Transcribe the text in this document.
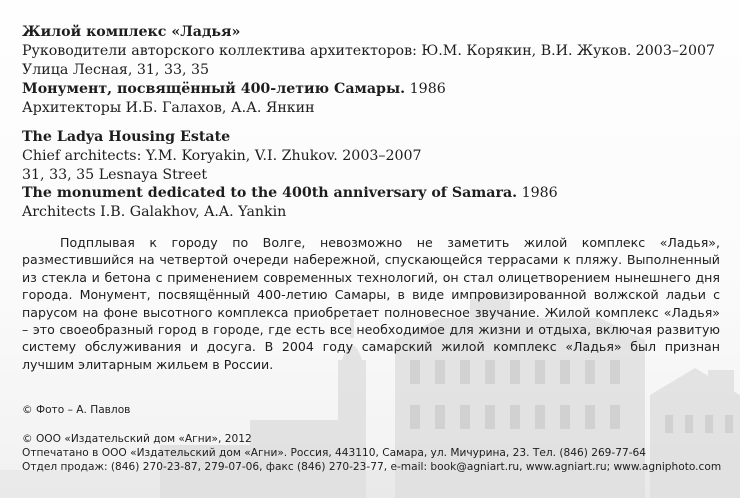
Жилой комплекс «Ладья»
Руководители авторского коллектива архитекторов: Ю.М. Корякин, В.И. Жуков. 2003–2007
Улица Лесная, 31, 33, 35
Монумент, посвящённый 400-летию Самары. 1986
Архитекторы И.Б. Галахов, А.А. Янкин
The Ladya Housing Estate
Chief architects: Y.M. Koryakin, V.I. Zhukov. 2003–2007
31, 33, 35 Lesnaya Street
The monument dedicated to the 400th anniversary of Samara. 1986
Architects I.B. Galakhov, A.A. Yankin

Подплывая к городу по Волге, невозможно не заметить жилой комплекс «Ладья», разместившийся на четвертой очереди набережной, спускающейся террасами к пляжу. Выполненный из стекла и бетона с применением современных технологий, он стал олицетворением нынешнего дня города. Монумент, посвящённый 400-летию Самары, в виде импровизированной волжской ладьи с парусом на фоне высотного комплекса приобретает полновесное звучание. Жилой комплекс «Ладья» – это своеобразный город в городе, где есть все необходимое для жизни и отдыха, включая развитую систему обслуживания и досуга. В 2004 году самарский жилой комплекс «Ладья» был признан лучшим элитарным жильем в России.

© Фото – А. Павлов
© ООО «Издательский дом «Агни», 2012
Отпечатано в ООО «Издательский дом «Агни». Россия, 443110, Самара, ул. Мичурина, 23. Тел. (846) 269-77-64
Отдел продаж: (846) 270-23-87, 279-07-06, факс (846) 270-23-77, e-mail: book@agniart.ru, www.agniart.ru; www.agniphoto.com
